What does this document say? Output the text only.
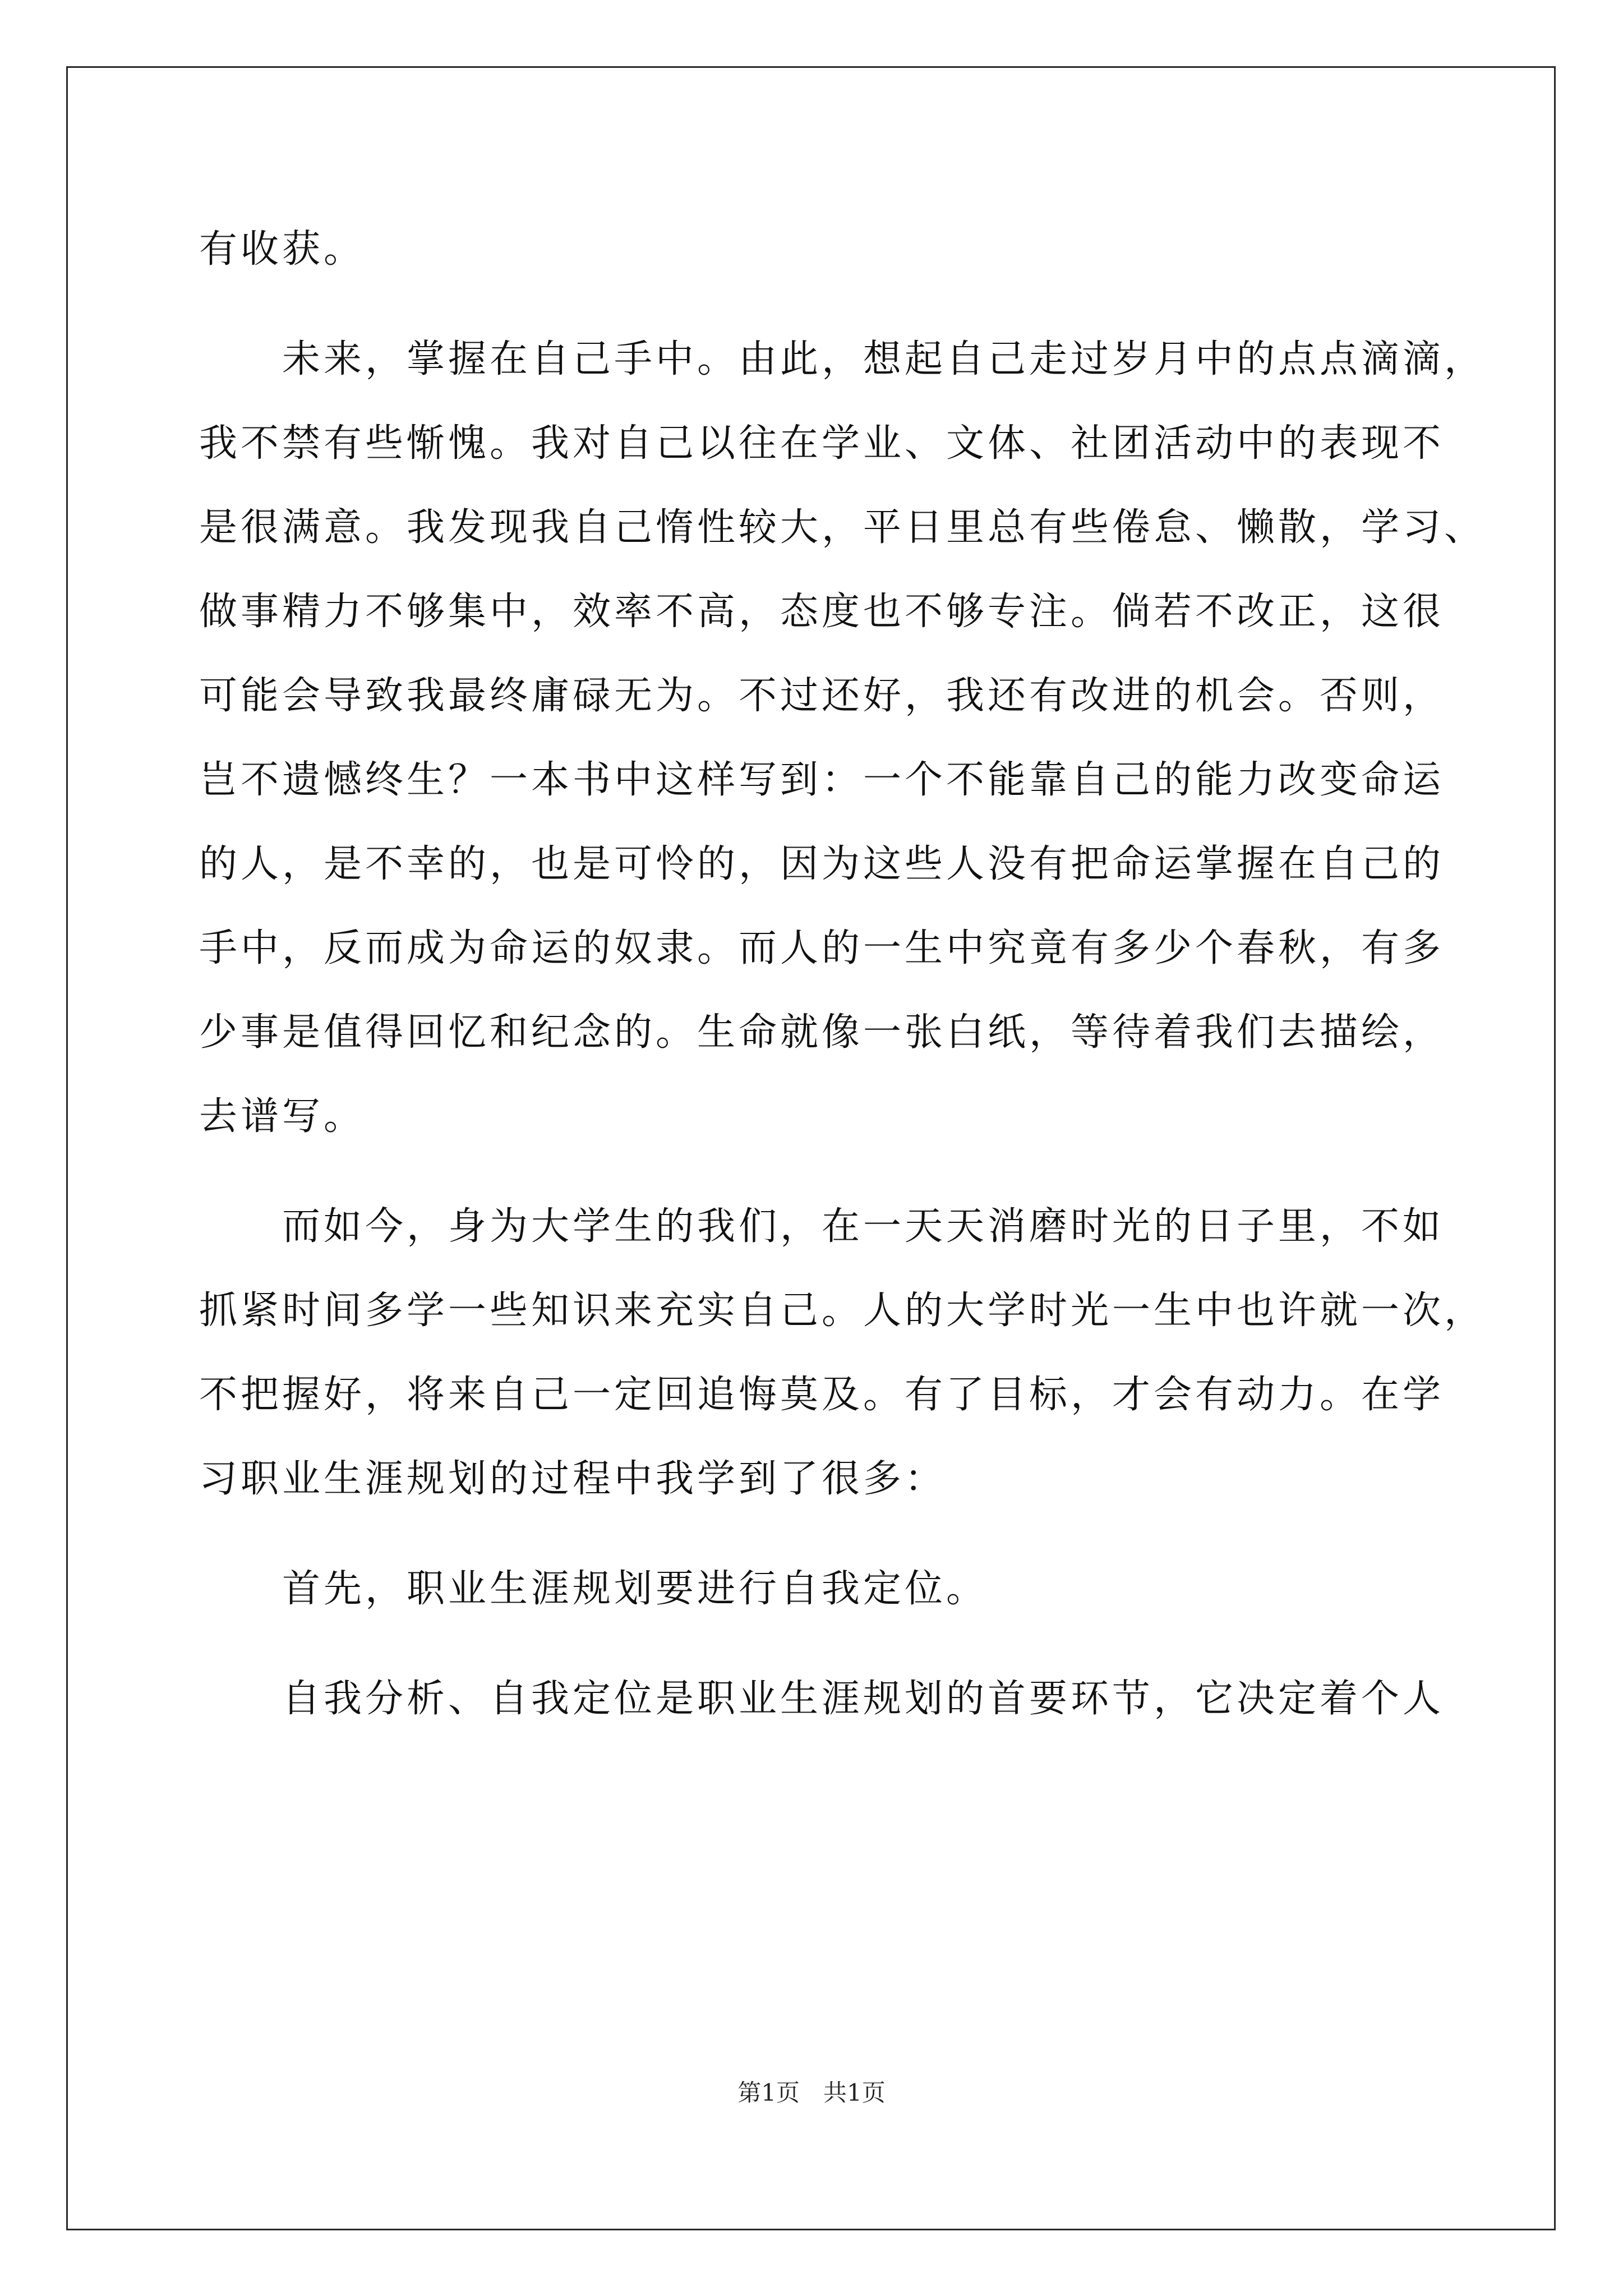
有收获。
未来，掌握在自己手中。由此，想起自己走过岁月中的点点滴滴，
我不禁有些惭愧。我对自己以往在学业、文体、社团活动中的表现不
是很满意。我发现我自己惰性较大，平日里总有些倦怠、懒散，学习、
做事精力不够集中，效率不高，态度也不够专注。倘若不改正，这很
可能会导致我最终庸碌无为。不过还好，我还有改进的机会。否则，
岂不遗憾终生？一本书中这样写到：一个不能靠自己的能力改变命运
的人，是不幸的，也是可怜的，因为这些人没有把命运掌握在自己的
手中，反而成为命运的奴隶。而人的一生中究竟有多少个春秋，有多
少事是值得回忆和纪念的。生命就像一张白纸，等待着我们去描绘，
去谱写。
而如今，身为大学生的我们，在一天天消磨时光的日子里，不如
抓紧时间多学一些知识来充实自己。人的大学时光一生中也许就一次，
不把握好，将来自己一定回追悔莫及。有了目标，才会有动力。在学
习职业生涯规划的过程中我学到了很多：
首先，职业生涯规划要进行自我定位。
自我分析、自我定位是职业生涯规划的首要环节，它决定着个人
第1页　共1页
